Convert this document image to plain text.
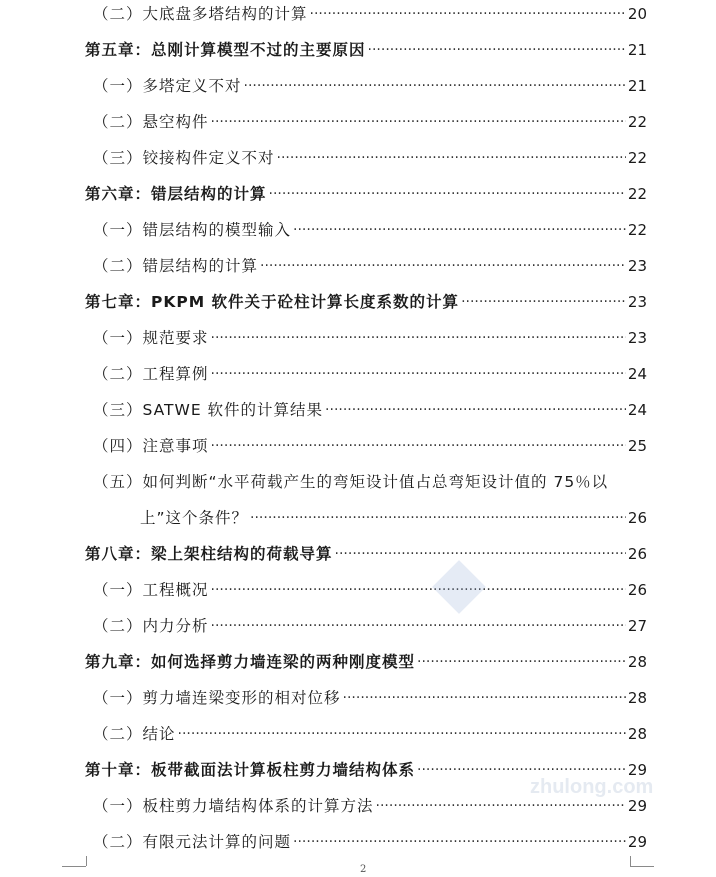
（二）大底盘多塔结构的计算 ·····	20
第五章：总刚计算模型不过的主要原因 ·····	21
（一）多塔定义不对 ·····	21
（二）悬空构件 ·····	22
（三）铰接构件定义不对 ·····	22
第六章：错层结构的计算 ·····	22
（一）错层结构的模型输入 ·····	22
（二）错层结构的计算 ·····	23
第七章：PKPM 软件关于砼柱计算长度系数的计算 ·····	23
（一）规范要求 ·····	23
（二）工程算例 ·····	24
（三）SATWE 软件的计算结果 ·····	24
（四）注意事项 ·····	25
（五）如何判断“水平荷载产生的弯矩设计值占总弯矩设计值的 75％以
上”这个条件？ ·····	26
第八章：梁上架柱结构的荷载导算 ·····	26
（一）工程概况 ·····	26
（二）内力分析 ·····	27
第九章：如何选择剪力墙连梁的两种刚度模型 ·····	28
（一）剪力墙连梁变形的相对位移 ·····	28
（二）结论 ·····	28
第十章：板带截面法计算板柱剪力墙结构体系 ·····	29
（一）板柱剪力墙结构体系的计算方法 ·····	29
（二）有限元法计算的问题 ·····	29
zhulong.com
2
